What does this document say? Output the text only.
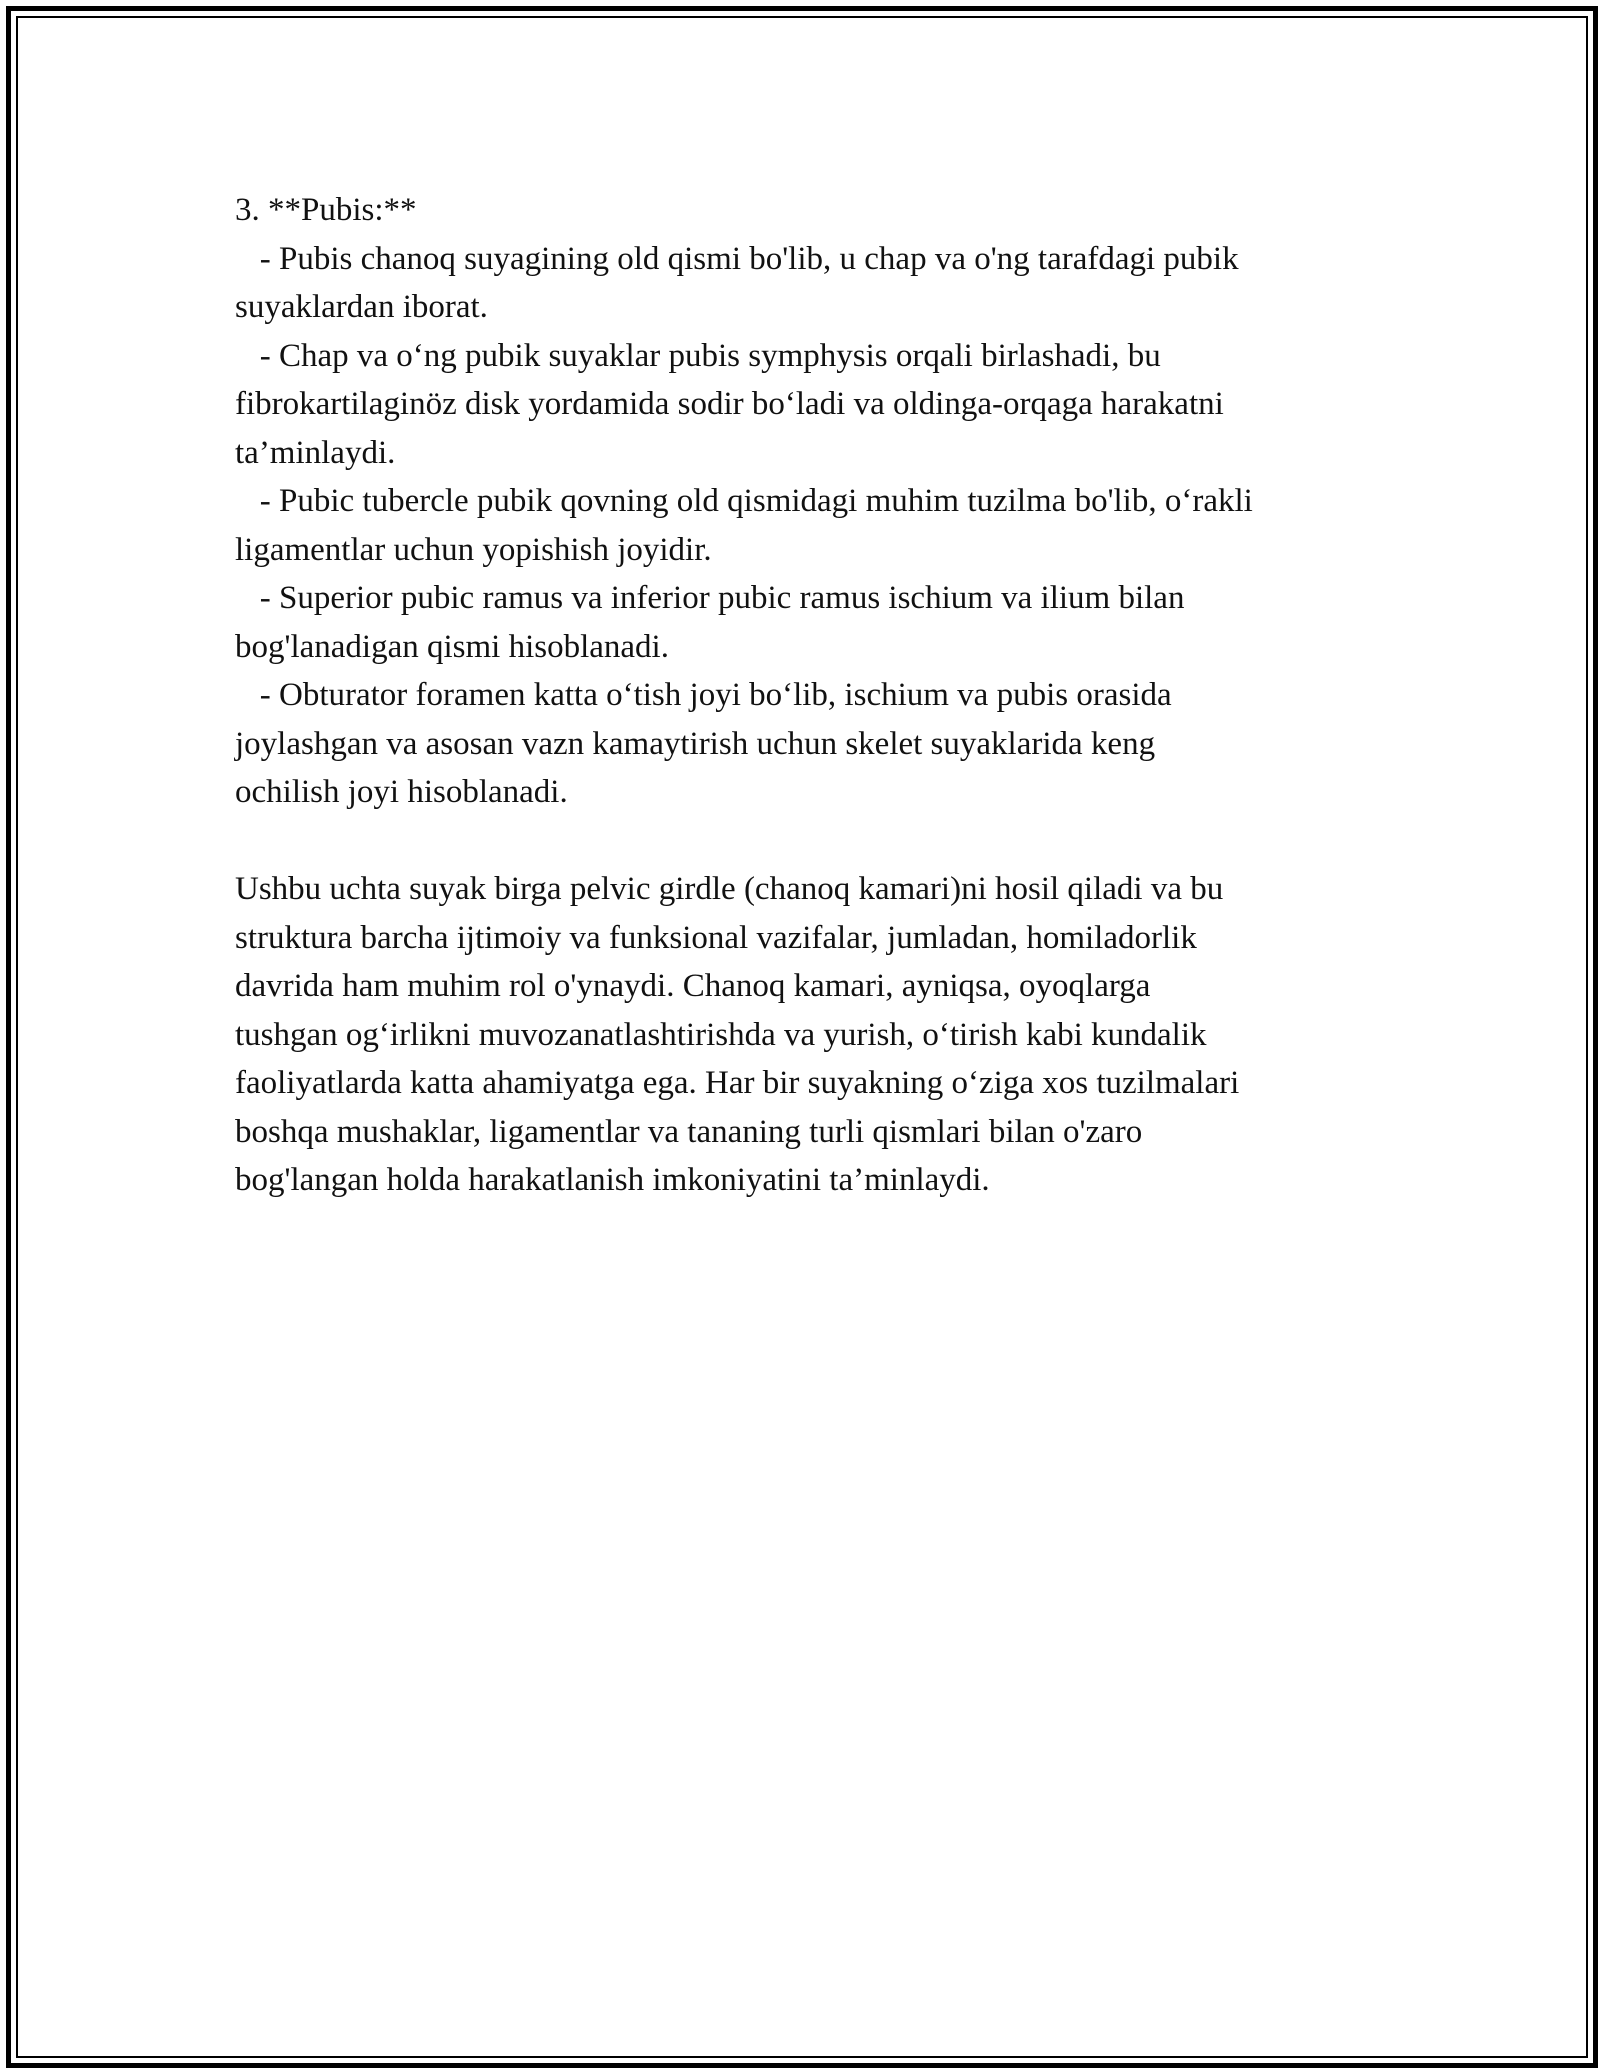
3. **Pubis:**
- Pubis chanoq suyagining old qismi bo'lib, u chap va o'ng tarafdagi pubik
suyaklardan iborat.
- Chap va o‘ng pubik suyaklar pubis symphysis orqali birlashadi, bu
fibrokartilaginöz disk yordamida sodir bo‘ladi va oldinga-orqaga harakatni
ta’minlaydi.
- Pubic tubercle pubik qovning old qismidagi muhim tuzilma bo'lib, o‘rakli
ligamentlar uchun yopishish joyidir.
- Superior pubic ramus va inferior pubic ramus ischium va ilium bilan
bog'lanadigan qismi hisoblanadi.
- Obturator foramen katta o‘tish joyi bo‘lib, ischium va pubis orasida
joylashgan va asosan vazn kamaytirish uchun skelet suyaklarida keng
ochilish joyi hisoblanadi.
Ushbu uchta suyak birga pelvic girdle (chanoq kamari)ni hosil qiladi va bu
struktura barcha ijtimoiy va funksional vazifalar, jumladan, homiladorlik
davrida ham muhim rol o'ynaydi. Chanoq kamari, ayniqsa, oyoqlarga
tushgan og‘irlikni muvozanatlashtirishda va yurish, o‘tirish kabi kundalik
faoliyatlarda katta ahamiyatga ega. Har bir suyakning o‘ziga xos tuzilmalari
boshqa mushaklar, ligamentlar va tananing turli qismlari bilan o'zaro
bog'langan holda harakatlanish imkoniyatini ta’minlaydi.
